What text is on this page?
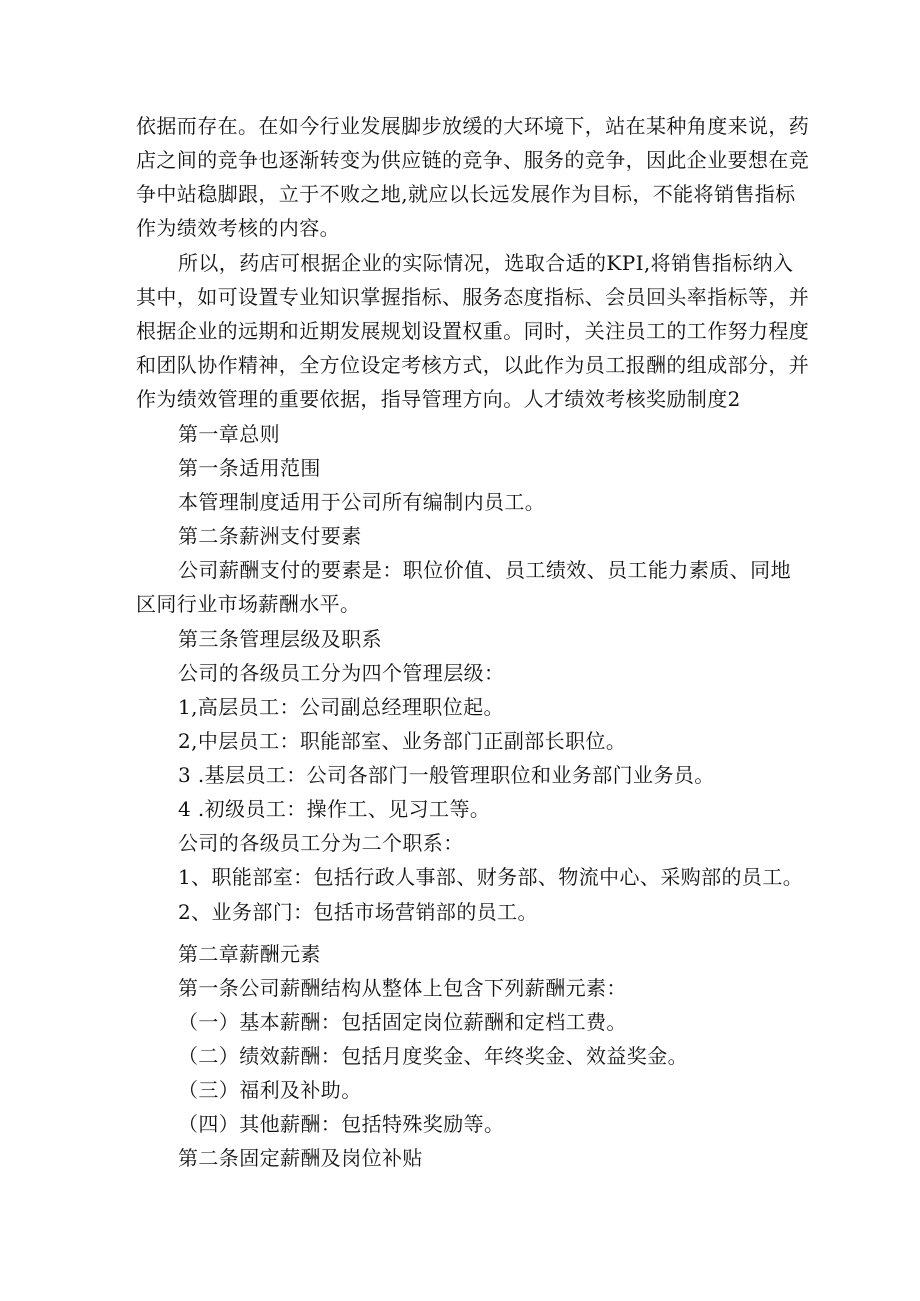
依据而存在。在如今行业发展脚步放缓的大环境下，站在某种角度来说，药
店之间的竞争也逐渐转变为供应链的竞争、服务的竞争，因此企业要想在竞
争中站稳脚跟，立于不败之地,就应以长远发展作为目标，不能将销售指标
作为绩效考核的内容。
所以，药店可根据企业的实际情况，选取合适的KPI,将销售指标纳入
其中，如可设置专业知识掌握指标、服务态度指标、会员回头率指标等，并
根据企业的远期和近期发展规划设置权重。同时，关注员工的工作努力程度
和团队协作精神，全方位设定考核方式，以此作为员工报酬的组成部分，并
作为绩效管理的重要依据，指导管理方向。人才绩效考核奖励制度2
第一章总则
第一条适用范围
本管理制度适用于公司所有编制内员工。
第二条薪洲支付要素
公司薪酬支付的要素是：职位价值、员工绩效、员工能力素质、同地
区同行业市场薪酬水平。
第三条管理层级及职系
公司的各级员工分为四个管理层级：
1,高层员工：公司副总经理职位起。
2,中层员工：职能部室、业务部门正副部长职位。
3 .基层员工：公司各部门一般管理职位和业务部门业务员。
4 .初级员工：操作工、见习工等。
公司的各级员工分为二个职系：
1、职能部室：包括行政人事部、财务部、物流中心、采购部的员工。
2、业务部门：包括市场营销部的员工。
第二章薪酬元素
第一条公司薪酬结构从整体上包含下列薪酬元素：
（一）基本薪酬：包括固定岗位薪酬和定档工费。
（二）绩效薪酬：包括月度奖金、年终奖金、效益奖金。
（三）福利及补助。
（四）其他薪酬：包括特殊奖励等。
第二条固定薪酬及岗位补贴
